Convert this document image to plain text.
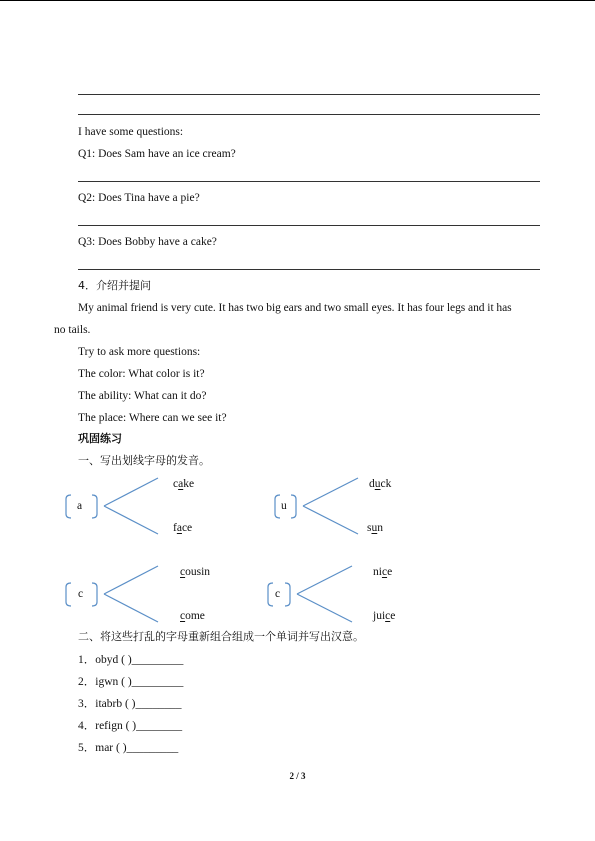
I have some questions:
Q1: Does Sam have an ice cream?
Q2: Does Tina have a pie?
Q3: Does Bobby have a cake?
4．介绍并提问
My animal friend is very cute. It has two big ears and two small eyes. It has four legs and it has
no tails.
Try to ask more questions:
The color: What color is it?
The ability: What can it do?
The place: Where can we see it?
巩固练习
一、写出划线字母的发音。
a	u
c	c
cake
face
duck
sun
cousin
come
nice
juice
二、将这些打乱的字母重新组合组成一个单词并写出汉意。
1．obyd ( )_________
2．igwn ( )_________
3．itabrb ( )________
4．refign ( )________
5．mar ( )_________
2 / 3
